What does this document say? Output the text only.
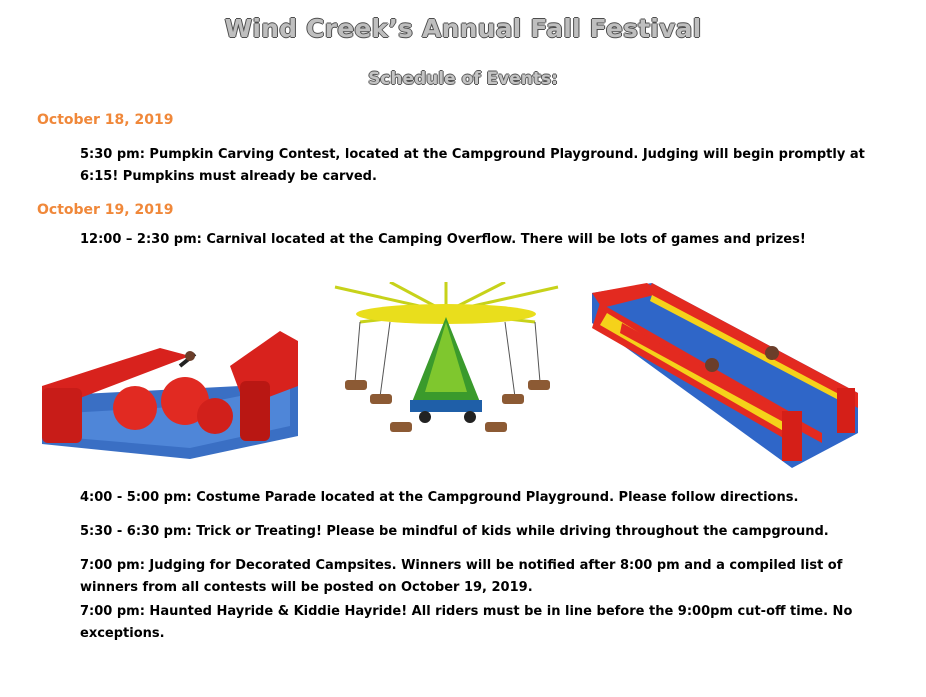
Wind Creek’s Annual Fall Festival
Schedule of Events:
October 18, 2019

5:30 pm: Pumpkin Carving Contest, located at the Campground Playground. Judging will begin promptly at 6:15! Pumpkins must already be carved.

October 19, 2019

12:00 – 2:30 pm: Carnival located at the Camping Overflow. There will be lots of games and prizes!

4:00 - 5:00 pm: Costume Parade located at the Campground Playground. Please follow directions.

5:30 - 6:30 pm: Trick or Treating! Please be mindful of kids while driving throughout the campground.

7:00 pm: Judging for Decorated Campsites. Winners will be notified after 8:00 pm and a compiled list of winners from all contests will be posted on October 19, 2019.

7:00 pm: Haunted Hayride & Kiddie Hayride! All riders must be in line before the 9:00pm cut-off time. No exceptions.
